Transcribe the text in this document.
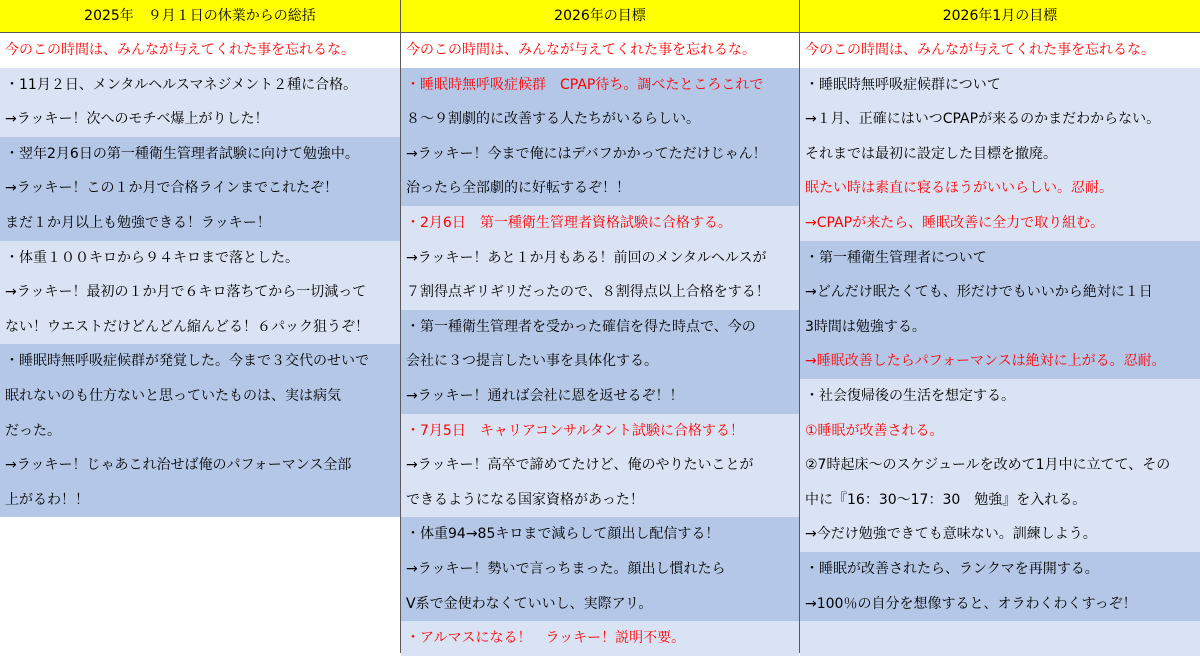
2025年　９月１日の休業からの総括
今のこの時間は、みんなが与えてくれた事を忘れるな。
・11月２日、メンタルヘルスマネジメント２種に合格。
→ラッキー！次へのモチベ爆上がりした！
・翌年2月6日の第一種衛生管理者試験に向けて勉強中。
→ラッキー！この１か月で合格ラインまでこれたぞ！
まだ１か月以上も勉強できる！ラッキー！
・体重１００キロから９４キロまで落とした。
→ラッキー！最初の１か月で６キロ落ちてから一切減って
ない！ウエストだけどんどん縮んどる！６パック狙うぞ！
・睡眠時無呼吸症候群が発覚した。今まで３交代のせいで
眠れないのも仕方ないと思っていたものは、実は病気
だった。
→ラッキー！じゃあこれ治せば俺のパフォーマンス全部
上がるわ！！
2026年の目標
今のこの時間は、みんなが与えてくれた事を忘れるな。
・睡眠時無呼吸症候群　CPAP待ち。調べたところこれで
８～９割劇的に改善する人たちがいるらしい。
→ラッキー！今まで俺にはデバフかかってただけじゃん！
治ったら全部劇的に好転するぞ！！
・2月6日　第一種衛生管理者資格試験に合格する。
→ラッキー！あと１か月もある！前回のメンタルヘルスが
７割得点ギリギリだったので、８割得点以上合格をする！
・第一種衛生管理者を受かった確信を得た時点で、今の
会社に３つ提言したい事を具体化する。
→ラッキー！通れば会社に恩を返せるぞ！！
・7月5日　キャリアコンサルタント試験に合格する！
→ラッキー！高卒で諦めてたけど、俺のやりたいことが
できるようになる国家資格があった！
・体重94→85キロまで減らして顔出し配信する！
→ラッキー！勢いで言っちまった。顔出し慣れたら
V系で金使わなくていいし、実際アリ。
・アルマスになる！　ラッキー！説明不要。
2026年1月の目標
今のこの時間は、みんなが与えてくれた事を忘れるな。
・睡眠時無呼吸症候群について
→１月、正確にはいつCPAPが来るのかまだわからない。
それまでは最初に設定した目標を撤廃。
眠たい時は素直に寝るほうがいいらしい。忍耐。
→CPAPが来たら、睡眠改善に全力で取り組む。
・第一種衛生管理者について
→どんだけ眠たくても、形だけでもいいから絶対に１日
3時間は勉強する。
→睡眠改善したらパフォーマンスは絶対に上がる。忍耐。
・社会復帰後の生活を想定する。
①睡眠が改善される。
②7時起床～のスケジュールを改めて1月中に立てて、その
中に『16：30～17：30　勉強』を入れる。
→今だけ勉強できても意味ない。訓練しよう。
・睡眠が改善されたら、ランクマを再開する。
→100％の自分を想像すると、オラわくわくすっぞ！
